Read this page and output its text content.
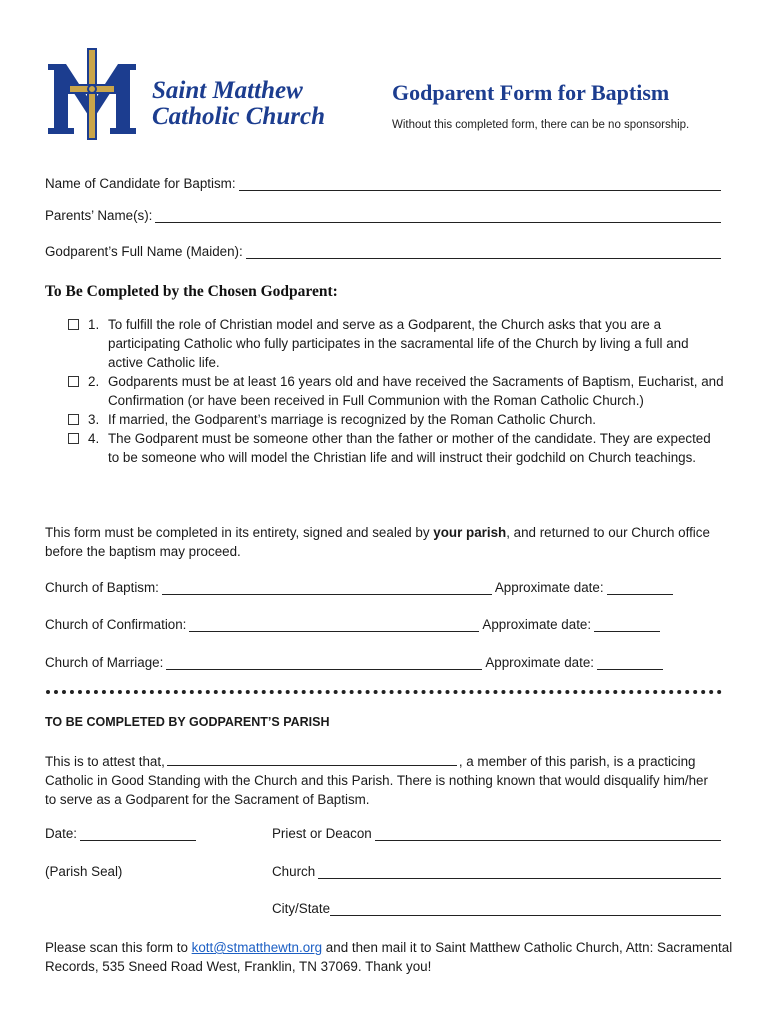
Saint Matthew
Catholic Church
Godparent Form for Baptism
Without this completed form, there can be no sponsorship.
Name of Candidate for Baptism:
Parents’ Name(s):
Godparent’s Full Name (Maiden):
To Be Completed by the Chosen Godparent:
1. To fulfill the role of Christian model and serve as a Godparent, the Church asks that you are a participating Catholic who fully participates in the sacramental life of the Church by living a full and active Catholic life.
2. Godparents must be at least 16 years old and have received the Sacraments of Baptism, Eucharist, and Confirmation (or have been received in Full Communion with the Roman Catholic Church.)
3. If married, the Godparent’s marriage is recognized by the Roman Catholic Church.
4. The Godparent must be someone other than the father or mother of the candidate. They are expected to be someone who will model the Christian life and will instruct their godchild on Church teachings.
This form must be completed in its entirety, signed and sealed by your parish, and returned to our Church office before the baptism may proceed.
Church of Baptism:	Approximate date:
Church of Confirmation:	Approximate date:
Church of Marriage:	Approximate date:
TO BE COMPLETED BY GODPARENT’S PARISH
This is to attest that,	, a member of this parish, is a practicing Catholic in Good Standing with the Church and this Parish. There is nothing known that would disqualify him/her to serve as a Godparent for the Sacrament of Baptism.
Date:	Priest or Deacon
(Parish Seal)	Church
City/State
Please scan this form to kott@stmatthewtn.org and then mail it to Saint Matthew Catholic Church, Attn: Sacramental Records, 535 Sneed Road West, Franklin, TN 37069. Thank you!
